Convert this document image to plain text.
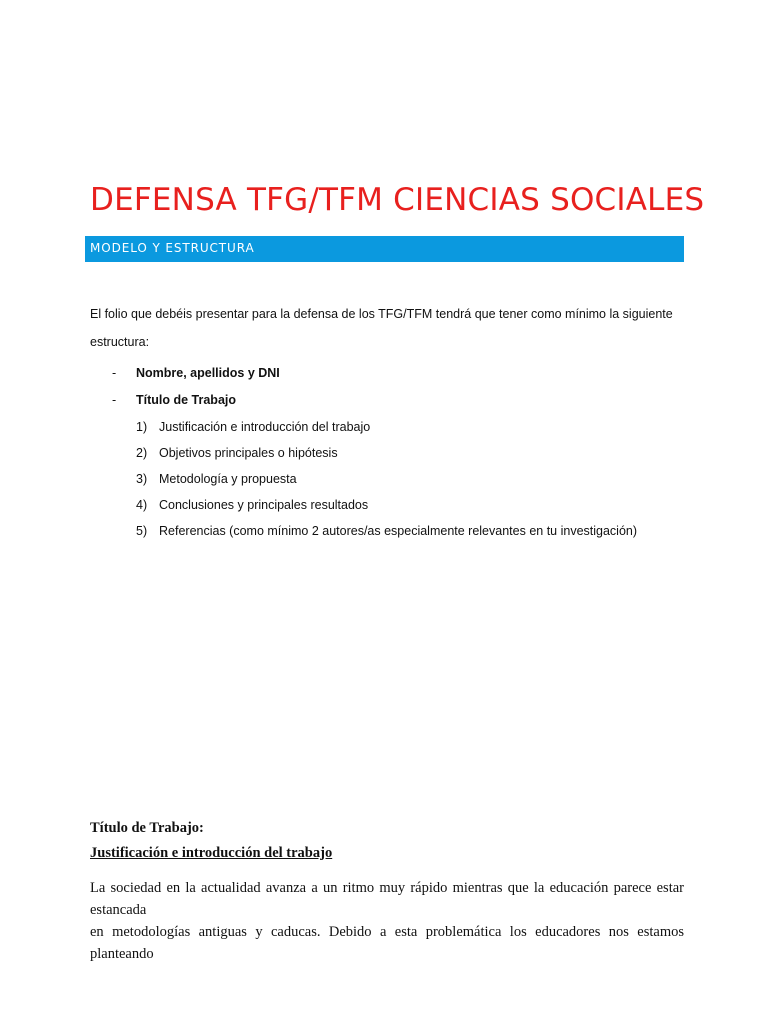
DEFENSA TFG/TFM CIENCIAS SOCIALES
MODELO Y ESTRUCTURA

El folio que debéis presentar para la defensa de los TFG/TFM tendrá que tener como mínimo la siguiente estructura:

- Nombre, apellidos y DNI
- Título de Trabajo
1) Justificación e introducción del trabajo
2) Objetivos principales o hipótesis
3) Metodología y propuesta
4) Conclusiones y principales resultados
5) Referencias (como mínimo 2 autores/as especialmente relevantes en tu investigación)
Título de Trabajo:
Justificación e introducción del trabajo

La sociedad en la actualidad avanza a un ritmo muy rápido mientras que la educación parece estar estancada
en metodologías antiguas y caducas. Debido a esta problemática los educadores nos estamos planteando
